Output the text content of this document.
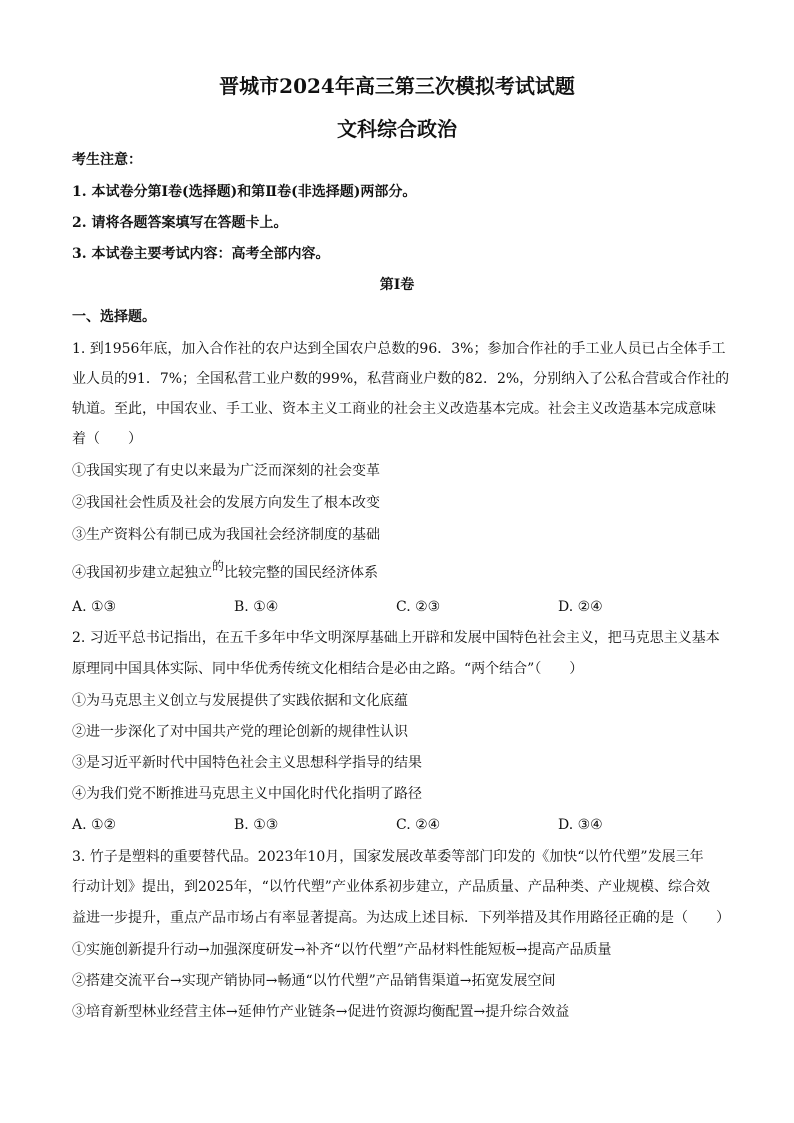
晋城市2024年高三第三次模拟考试试题
文科综合政治
考生注意：
1. 本试卷分第Ⅰ卷(选择题)和第Ⅱ卷(非选择题)两部分。
2. 请将各题答案填写在答题卡上。
3. 本试卷主要考试内容：高考全部内容。
第Ⅰ卷
一、选择题。
1. 到1956年底，加入合作社的农户达到全国农户总数的96．3%；参加合作社的手工业人员已占全体手工
业人员的91．7%；全国私营工业户数的99%，私营商业户数的82．2%，分别纳入了公私合营或合作社的
轨道。至此，中国农业、手工业、资本主义工商业的社会主义改造基本完成。社会主义改造基本完成意味
着（　　）
①我国实现了有史以来最为广泛而深刻的社会变革
②我国社会性质及社会的发展方向发生了根本改变
③生产资料公有制已成为我国社会经济制度的基础
④我国初步建立起独立的比较完整的国民经济体系
A. ①③	B. ①④	C. ②③	D. ②④
2. 习近平总书记指出，在五千多年中华文明深厚基础上开辟和发展中国特色社会主义，把马克思主义基本
原理同中国具体实际、同中华优秀传统文化相结合是必由之路。“两个结合”（　　）
①为马克思主义创立与发展提供了实践依据和文化底蕴
②进一步深化了对中国共产党的理论创新的规律性认识
③是习近平新时代中国特色社会主义思想科学指导的结果
④为我们党不断推进马克思主义中国化时代化指明了路径
A. ①②	B. ①③	C. ②④	D. ③④
3. 竹子是塑料的重要替代品。2023年10月，国家发展改革委等部门印发的《加快“以竹代塑”发展三年
行动计划》提出，到2025年，“以竹代塑”产业体系初步建立，产品质量、产品种类、产业规模、综合效
益进一步提升，重点产品市场占有率显著提高。为达成上述目标．下列举措及其作用路径正确的是（　　）
①实施创新提升行动→加强深度研发→补齐“以竹代塑”产品材料性能短板→提高产品质量
②搭建交流平台→实现产销协同→畅通“以竹代塑”产品销售渠道→拓宽发展空间
③培育新型林业经营主体→延伸竹产业链条→促进竹资源均衡配置→提升综合效益
